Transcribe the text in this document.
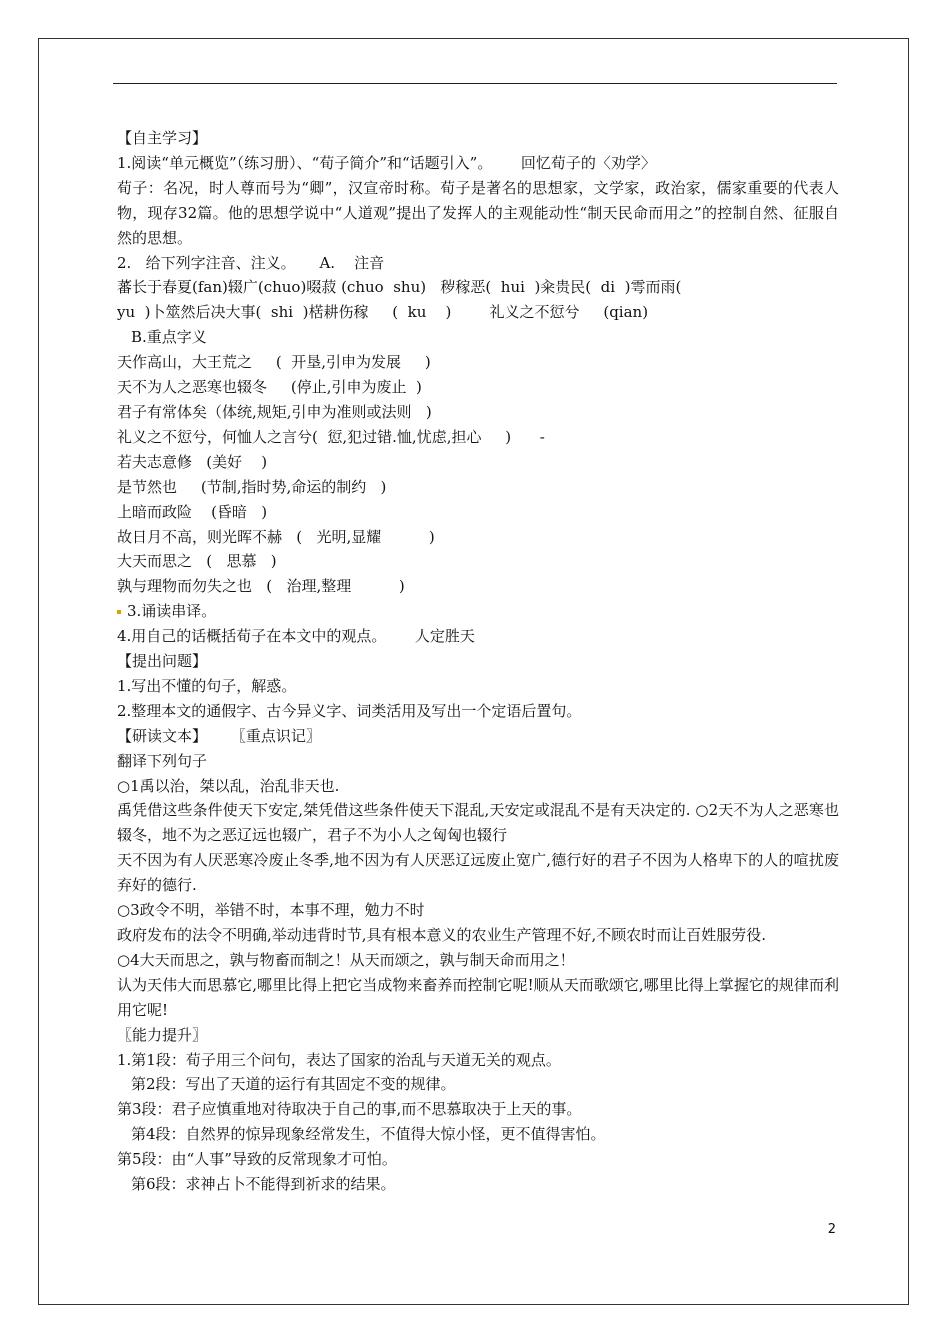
【自主学习】
1.阅读“单元概览”（练习册）、“荀子简介”和“话题引入”。      回忆荀子的〈劝学〉
荀子：名况，时人尊而号为“卿”，汉宣帝时称。荀子是著名的思想家，文学家，政治家，儒家重要的代表人物，现存32篇。他的思想学说中“人道观”提出了发挥人的主观能动性“制天民命而用之”的控制自然、征服自然的思想。
2.   给下列字注音、注义。     A.    注音
蕃长于春夏(fan)辍广(chuo)啜菽 (chuo  shu)   秽稼恶(  hui  )籴贵民(  di  )雩而雨(
yu  )卜筮然后决大事(  shi  )楛耕伤稼     (  ku    )        礼义之不愆兮     (qian)
B.重点字义
天作高山，大王荒之     (  开垦,引申为发展     )
天不为人之恶寒也辍冬     (停止,引申为废止  )
君子有常体矣（体统,规矩,引申为准则或法则   )
礼义之不愆兮，何恤人之言兮(  愆,犯过错.恤,忧虑,担心     )      -
若夫志意修   (美好    )
是节然也     (节制,指时势,命运的制约   )
上暗而政险    (昏暗   )
故日月不高，则光晖不赫   (   光明,显耀          )
大天而思之   (   思慕   )
孰与理物而勿失之也   (   治理,整理          )
3.诵读串译。
4.用自己的话概括荀子在本文中的观点。      人定胜天
【提出问题】
1.写出不懂的句子，解惑。
2.整理本文的通假字、古今异义字、词类活用及写出一个定语后置句。
【研读文本】     〖重点识记〗
翻译下列句子
○1禹以治，桀以乱，治乱非天也.
禹凭借这些条件使天下安定,桀凭借这些条件使天下混乱,天安定或混乱不是有天决定的. ○2天不为人之恶寒也辍冬，地不为之恶辽远也辍广，君子不为小人之匈匈也辍行
天不因为有人厌恶寒冷废止冬季,地不因为有人厌恶辽远废止宽广,德行好的君子不因为人格卑下的人的喧扰废弃好的德行.
○3政令不明，举错不时，本事不理，勉力不时
政府发布的法令不明确,举动违背时节,具有根本意义的农业生产管理不好,不顾农时而让百姓服劳役.
○4大天而思之，孰与物畜而制之！从天而颂之，孰与制天命而用之！
认为天伟大而思慕它,哪里比得上把它当成物来畜养而控制它呢!顺从天而歌颂它,哪里比得上掌握它的规律而利用它呢!
〖能力提升〗
1.第1段：荀子用三个问句，表达了国家的治乱与天道无关的观点。
第2段：写出了天道的运行有其固定不变的规律。
第3段：君子应慎重地对待取决于自己的事,而不思慕取决于上天的事。
第4段：自然界的惊异现象经常发生，不值得大惊小怪，更不值得害怕。
第5段：由“人事”导致的反常现象才可怕。
第6段：求神占卜不能得到祈求的结果。
2
